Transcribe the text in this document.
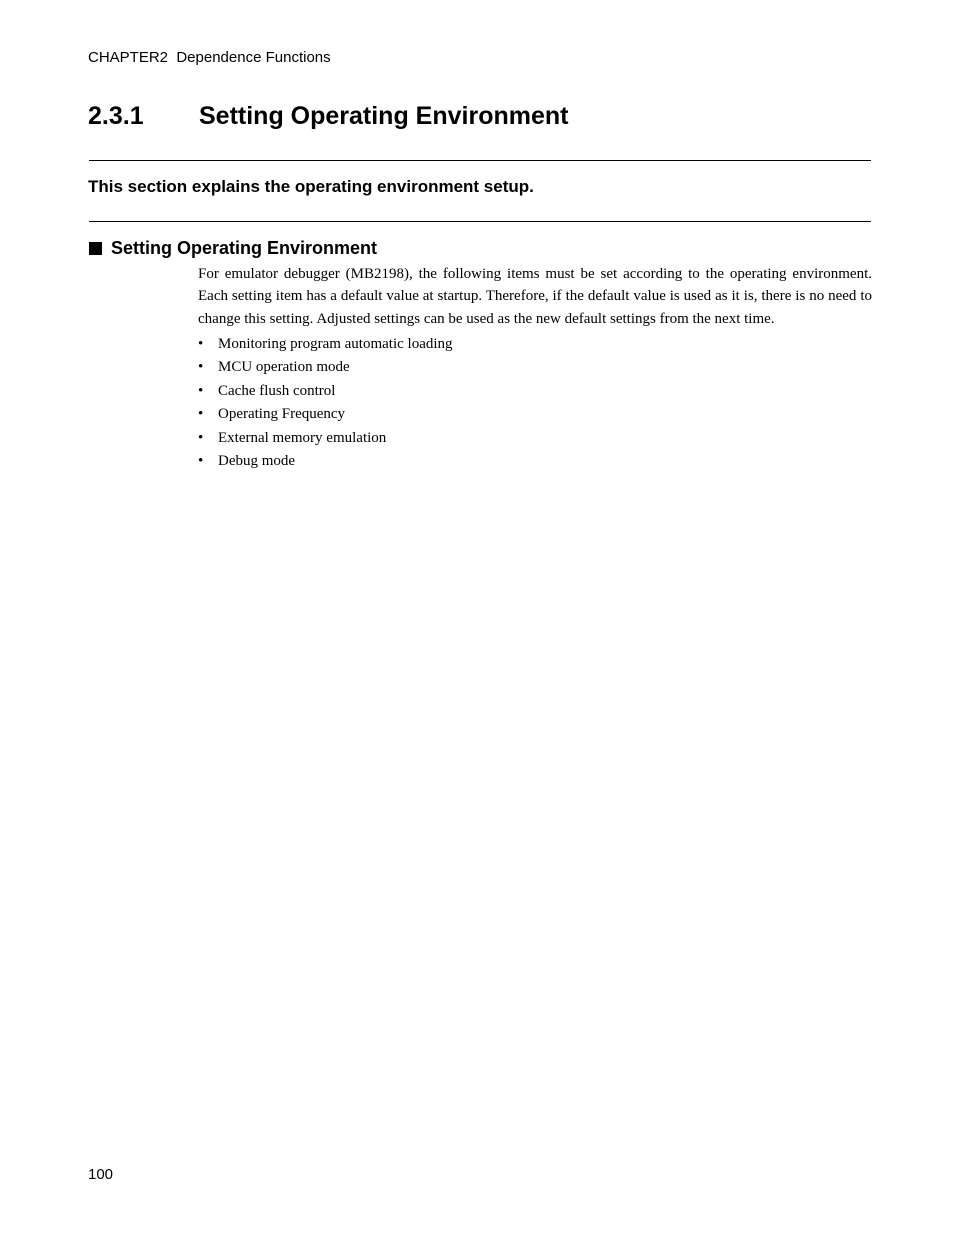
CHAPTER2  Dependence Functions
2.3.1 Setting Operating Environment
This section explains the operating environment setup.
Setting Operating Environment
For emulator debugger (MB2198), the following items must be set according to the operating environment. Each setting item has a default value at startup. Therefore, if the default value is used as it is, there is no need to change this setting. Adjusted settings can be used as the new default settings from the next time.
• Monitoring program automatic loading
• MCU operation mode
• Cache flush control
• Operating Frequency
• External memory emulation
• Debug mode
100
